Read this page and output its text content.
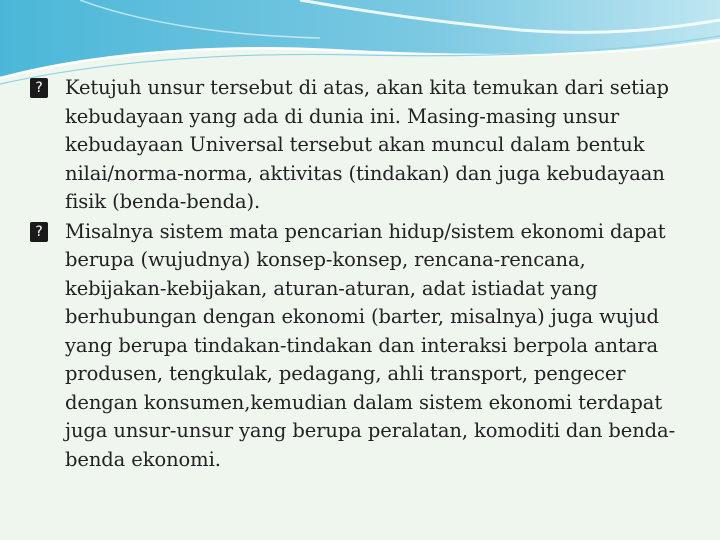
? Ketujuh unsur tersebut di atas, akan kita temukan dari setiap kebudayaan yang ada di dunia ini. Masing-masing unsur kebudayaan Universal tersebut akan muncul dalam bentuk nilai/norma-norma, aktivitas (tindakan) dan juga kebudayaan fisik (benda-benda).
? Misalnya sistem mata pencarian hidup/sistem ekonomi dapat berupa (wujudnya) konsep-konsep, rencana-rencana, kebijakan-kebijakan, aturan-aturan, adat istiadat yang berhubungan dengan ekonomi (barter, misalnya) juga wujud yang berupa tindakan-tindakan dan interaksi berpola antara produsen, tengkulak, pedagang, ahli transport, pengecer dengan konsumen,kemudian dalam sistem ekonomi terdapat juga unsur-unsur yang berupa peralatan, komoditi dan benda-benda ekonomi.
